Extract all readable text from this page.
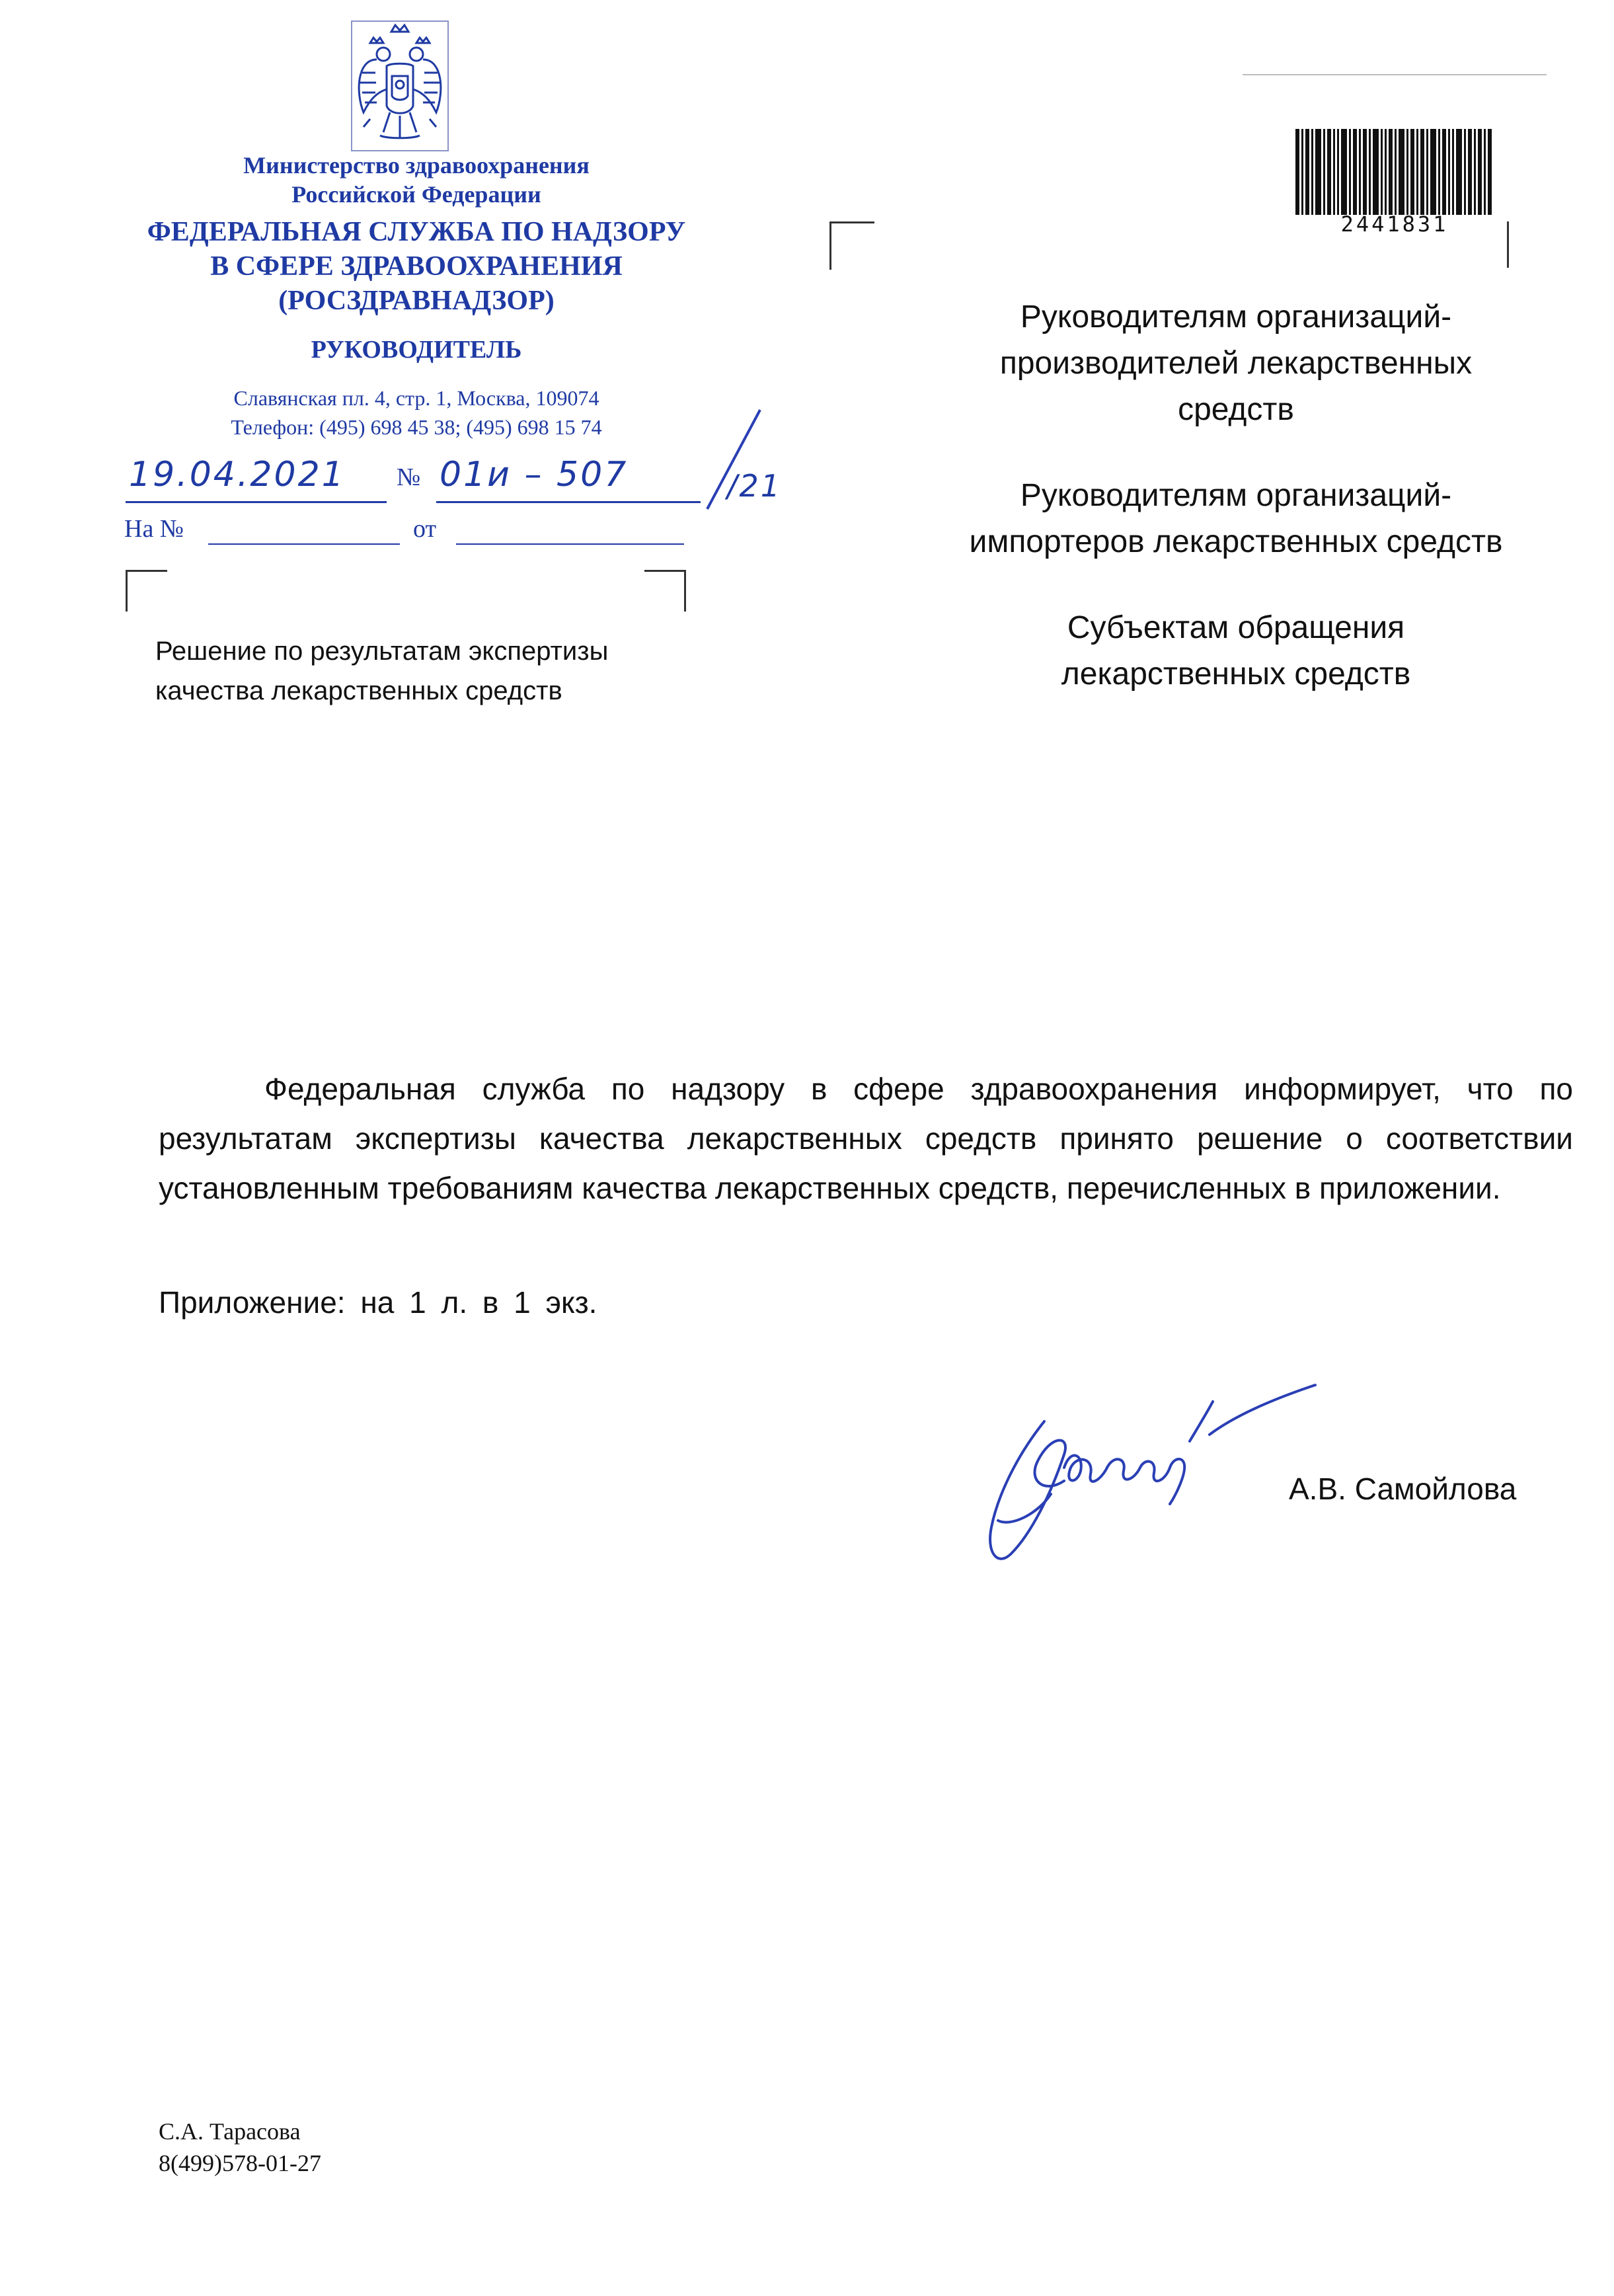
Министерство здравоохранения
Российской Федерации
ФЕДЕРАЛЬНАЯ СЛУЖБА ПО НАДЗОРУ
В СФЕРЕ ЗДРАВООХРАНЕНИЯ
(РОСЗДРАВНАДЗОР)
РУКОВОДИТЕЛЬ
Славянская пл. 4, стр. 1, Москва, 109074
Телефон: (495) 698 45 38; (495) 698 15 74
19.04.2021 № 01и – 507	/21
На №	от
Решение по результатам экспертизы
качества лекарственных средств
2441831
Руководителям организаций-
производителей лекарственных
средств
Руководителям организаций-
импортеров лекарственных средств
Субъектам обращения
лекарственных средств
Федеральная служба по надзору в сфере здравоохранения информирует, что по результатам экспертизы качества лекарственных средств принято решение о соответствии установленным требованиям качества лекарственных средств, перечисленных в приложении.
Приложение: на 1 л. в 1 экз.
А.В. Самойлова
С.А. Тарасова
8(499)578-01-27
